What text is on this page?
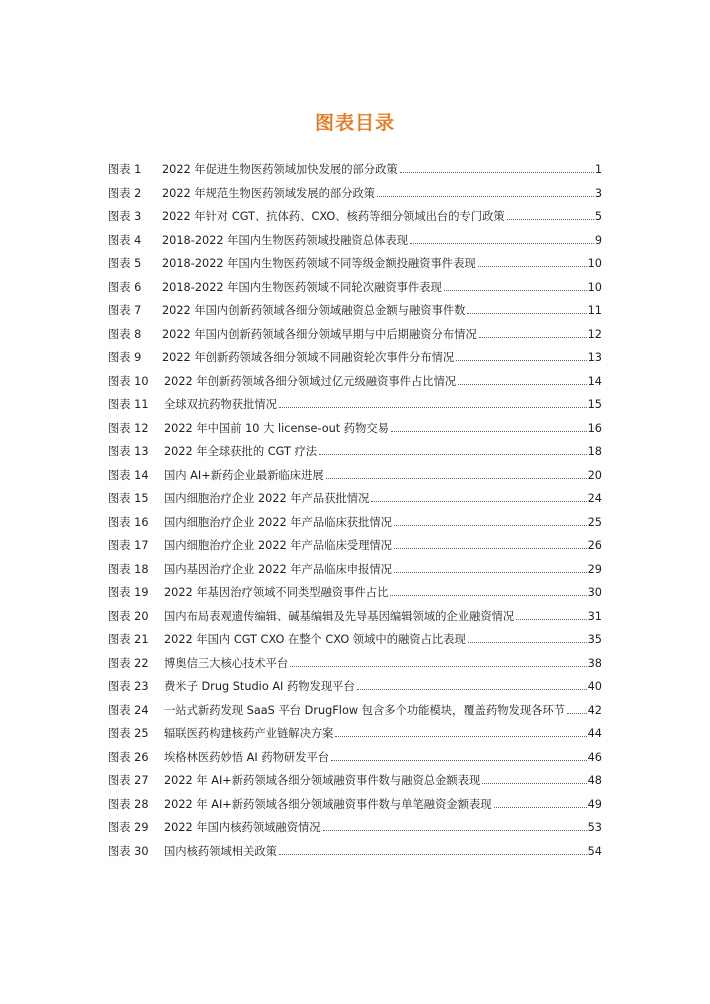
图表目录
图表 1	2022 年促进生物医药领域加快发展的部分政策	1
图表 2	2022 年规范生物医药领域发展的部分政策	3
图表 3	2022 年针对 CGT、抗体药、CXO、核药等细分领域出台的专门政策	5
图表 4	2018-2022 年国内生物医药领域投融资总体表现	9
图表 5	2018-2022 年国内生物医药领域不同等级金额投融资事件表现	10
图表 6	2018-2022 年国内生物医药领域不同轮次融资事件表现	10
图表 7	2022 年国内创新药领域各细分领域融资总金额与融资事件数	11
图表 8	2022 年国内创新药领域各细分领域早期与中后期融资分布情况	12
图表 9	2022 年创新药领域各细分领域不同融资轮次事件分布情况	13
图表 10	2022 年创新药领域各细分领域过亿元级融资事件占比情况	14
图表 11	全球双抗药物获批情况	15
图表 12	2022 年中国前 10 大 license-out 药物交易	16
图表 13	2022 年全球获批的 CGT 疗法	18
图表 14	国内 AI+新药企业最新临床进展	20
图表 15	国内细胞治疗企业 2022 年产品获批情况	24
图表 16	国内细胞治疗企业 2022 年产品临床获批情况	25
图表 17	国内细胞治疗企业 2022 年产品临床受理情况	26
图表 18	国内基因治疗企业 2022 年产品临床申报情况	29
图表 19	2022 年基因治疗领域不同类型融资事件占比	30
图表 20	国内布局表观遗传编辑、碱基编辑及先导基因编辑领域的企业融资情况	31
图表 21	2022 年国内 CGT CXO 在整个 CXO 领域中的融资占比表现	35
图表 22	博奥信三大核心技术平台	38
图表 23	费米子 Drug Studio AI 药物发现平台	40
图表 24	一站式新药发现 SaaS 平台 DrugFlow 包含多个功能模块，覆盖药物发现各环节 42
图表 25	辐联医药构建核药产业链解决方案	44
图表 26	埃格林医药妙悟 AI 药物研发平台	46
图表 27	2022 年 AI+新药领域各细分领域融资事件数与融资总金额表现	48
图表 28	2022 年 AI+新药领域各细分领域融资事件数与单笔融资金额表现	49
图表 29	2022 年国内核药领域融资情况	53
图表 30	国内核药领域相关政策	54
